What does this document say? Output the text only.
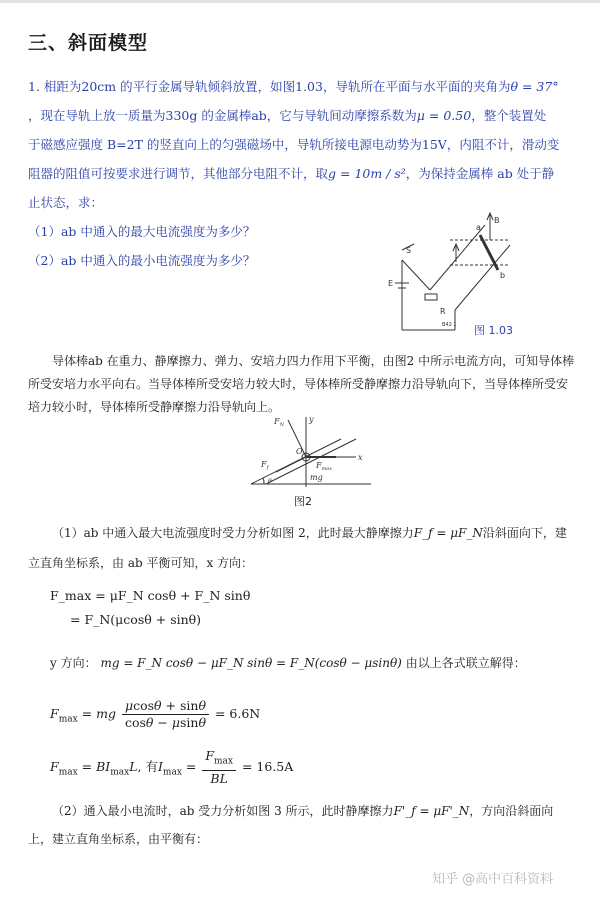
三、斜面模型

1. 相距为20cm 的平行金属导轨倾斜放置，如图1.03，导轨所在平面与水平面的夹角为θ = 37°

，现在导轨上放一质量为330g 的金属棒ab，它与导轨间动摩擦系数为μ = 0.50，整个装置处

于磁感应强度 B=2T 的竖直向上的匀强磁场中，导轨所接电源电动势为15V，内阻不计，滑动变

阻器的阻值可按要求进行调节，其他部分电阻不计，取g = 10m / s²，为保持金属棒 ab 处于静

止状态，求：

（1）ab 中通入的最大电流强度为多少？

（2）ab 中通入的最小电流强度为多少？

a
b
B
S
E
R
B42 1 图 1.03
导体棒ab 在重力、静摩擦力、弹力、安培力四力作用下平衡，由图2 中所示电流方向，可知导体棒所受安培力水平向右。当导体棒所受安培力较大时，导体棒所受静摩擦力沿导轨向下，当导体棒所受安培力较小时，导体棒所受静摩擦力沿导轨向上。
$F_N$
y
O
x
$F_f$	$F_{max}$
mg
θ
图2
（1）ab 中通入最大电流强度时受力分析如图 2，此时最大静摩擦力F_f = μF_N沿斜面向下，建
立直角坐标系，由 ab 平衡可知，x 方向：
F_max = μF_N cosθ + F_N sinθ
= F_N(μcosθ + sinθ)
y 方向： mg = F_N cosθ − μF_N sinθ = F_N(cosθ − μsinθ) 由以上各式联立解得：
$F_{max}$ = mg $\frac{\mu\cos\theta + \sin\theta}{\cos\theta - \mu\sin\theta} = 6.6N$
$F_{max} = BI_{max}L$, 有$I_{max} = \frac{F_{max}}{BL} = 16.5A$
（2）通入最小电流时，ab 受力分析如图 3 所示，此时静摩擦力F'_f = μF'_N，方向沿斜面向
上，建立直角坐标系，由平衡有：
知乎 @高中百科资料
